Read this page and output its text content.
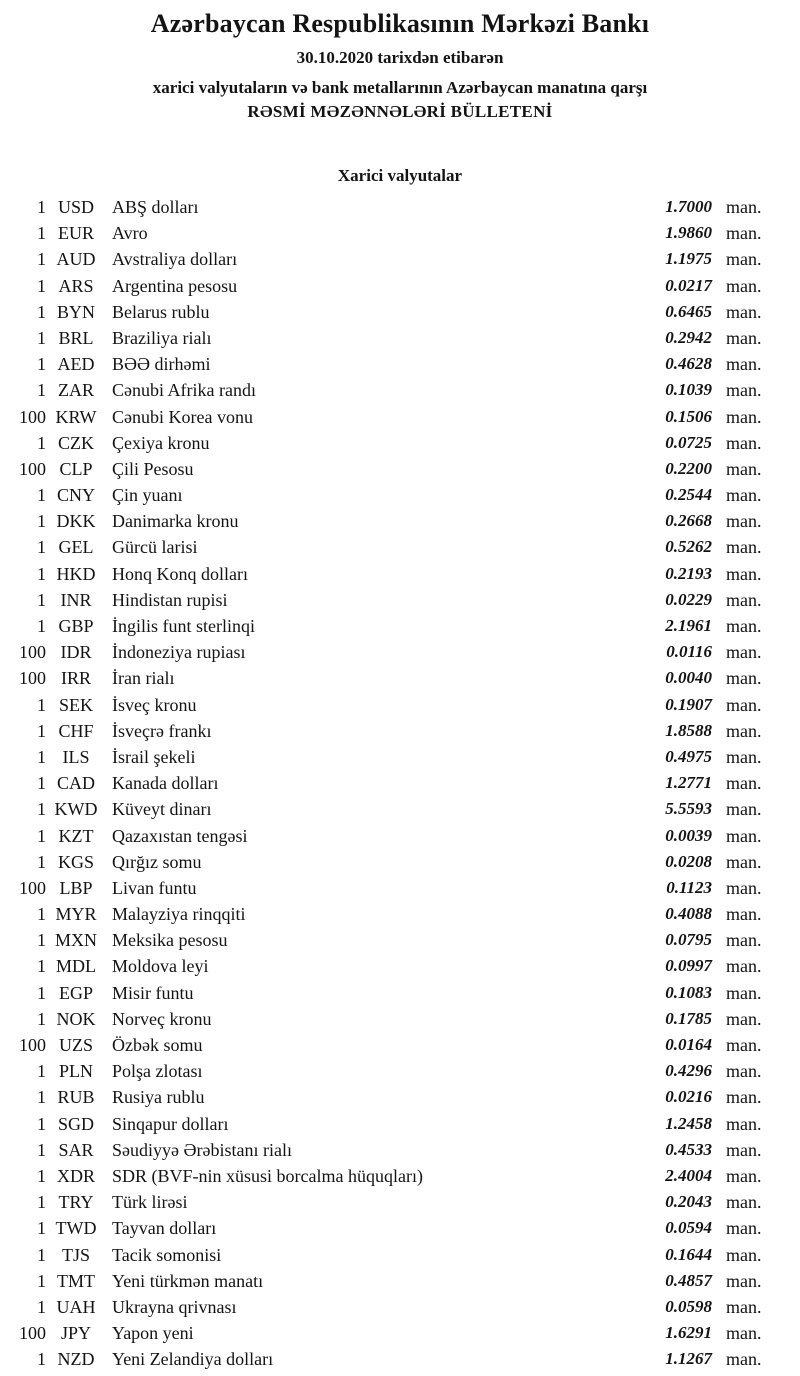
Azərbaycan Respublikasının Mərkəzi Bankı
30.10.2020 tarixdən etibarən
xarici valyutaların və bank metallarının Azərbaycan manatına qarşı
RƏSMİ MƏZƏNNƏLƏRİ BÜLLETENİ
Xarici valyutalar
1 USD	ABŞ dolları	1.7000 man.
1 EUR	Avro	1.9860 man.
1 AUD Avstraliya dolları	1.1975 man.
1 ARS	Argentina pesosu	0.0217 man.
1 BYN Belarus rublu	0.6465 man.
1 BRL	Braziliya rialı	0.2942 man.
1 AED BƏƏ dirhəmi	0.4628 man.
1 ZAR	Cənubi Afrika randı	0.1039 man.
100 KRW Cənubi Korea vonu	0.1506 man.
1 CZK	Çexiya kronu	0.0725 man.
100 CLP	Çili Pesosu	0.2200 man.
1 CNY Çin yuanı	0.2544 man.
1 DKK Danimarka kronu	0.2668 man.
1 GEL	Gürcü larisi	0.5262 man.
1 HKD Honq Konq dolları	0.2193 man.
1 INR	Hindistan rupisi	0.0229 man.
1 GBP	İngilis funt sterlinqi	2.1961 man.
100 IDR	İndoneziya rupiası	0.0116 man.
100 IRR	İran rialı	0.0040 man.
1 SEK	İsveç kronu	0.1907 man.
1 CHF	İsveçrə frankı	1.8588 man.
1 ILS	İsrail şekeli	0.4975 man.
1 CAD Kanada dolları	1.2771 man.
1 KWD Küveyt dinarı	5.5593 man.
1 KZT	Qazaxıstan tengəsi	0.0039 man.
1 KGS	Qırğız somu	0.0208 man.
100 LBP	Livan funtu	0.1123 man.
1 MYR Malayziya rinqqiti	0.4088 man.
1 MXN Meksika pesosu	0.0795 man.
1 MDL Moldova leyi	0.0997 man.
1 EGP	Misir funtu	0.1083 man.
1 NOK Norveç kronu	0.1785 man.
100 UZS	Özbək somu	0.0164 man.
1 PLN	Polşa zlotası	0.4296 man.
1 RUB Rusiya rublu	0.0216 man.
1 SGD	Sinqapur dolları	1.2458 man.
1 SAR	Səudiyyə Ərəbistanı rialı	0.4533 man.
1 XDR SDR (BVF-nin xüsusi borcalma hüquqları)	2.4004 man.
1 TRY	Türk lirəsi	0.2043 man.
1 TWD Tayvan dolları	0.0594 man.
1 TJS	Tacik somonisi	0.1644 man.
1 TMT Yeni türkmən manatı	0.4857 man.
1 UAH Ukrayna qrivnası	0.0598 man.
100 JPY	Yapon yeni	1.6291 man.
1 NZD Yeni Zelandiya dolları	1.1267 man.
